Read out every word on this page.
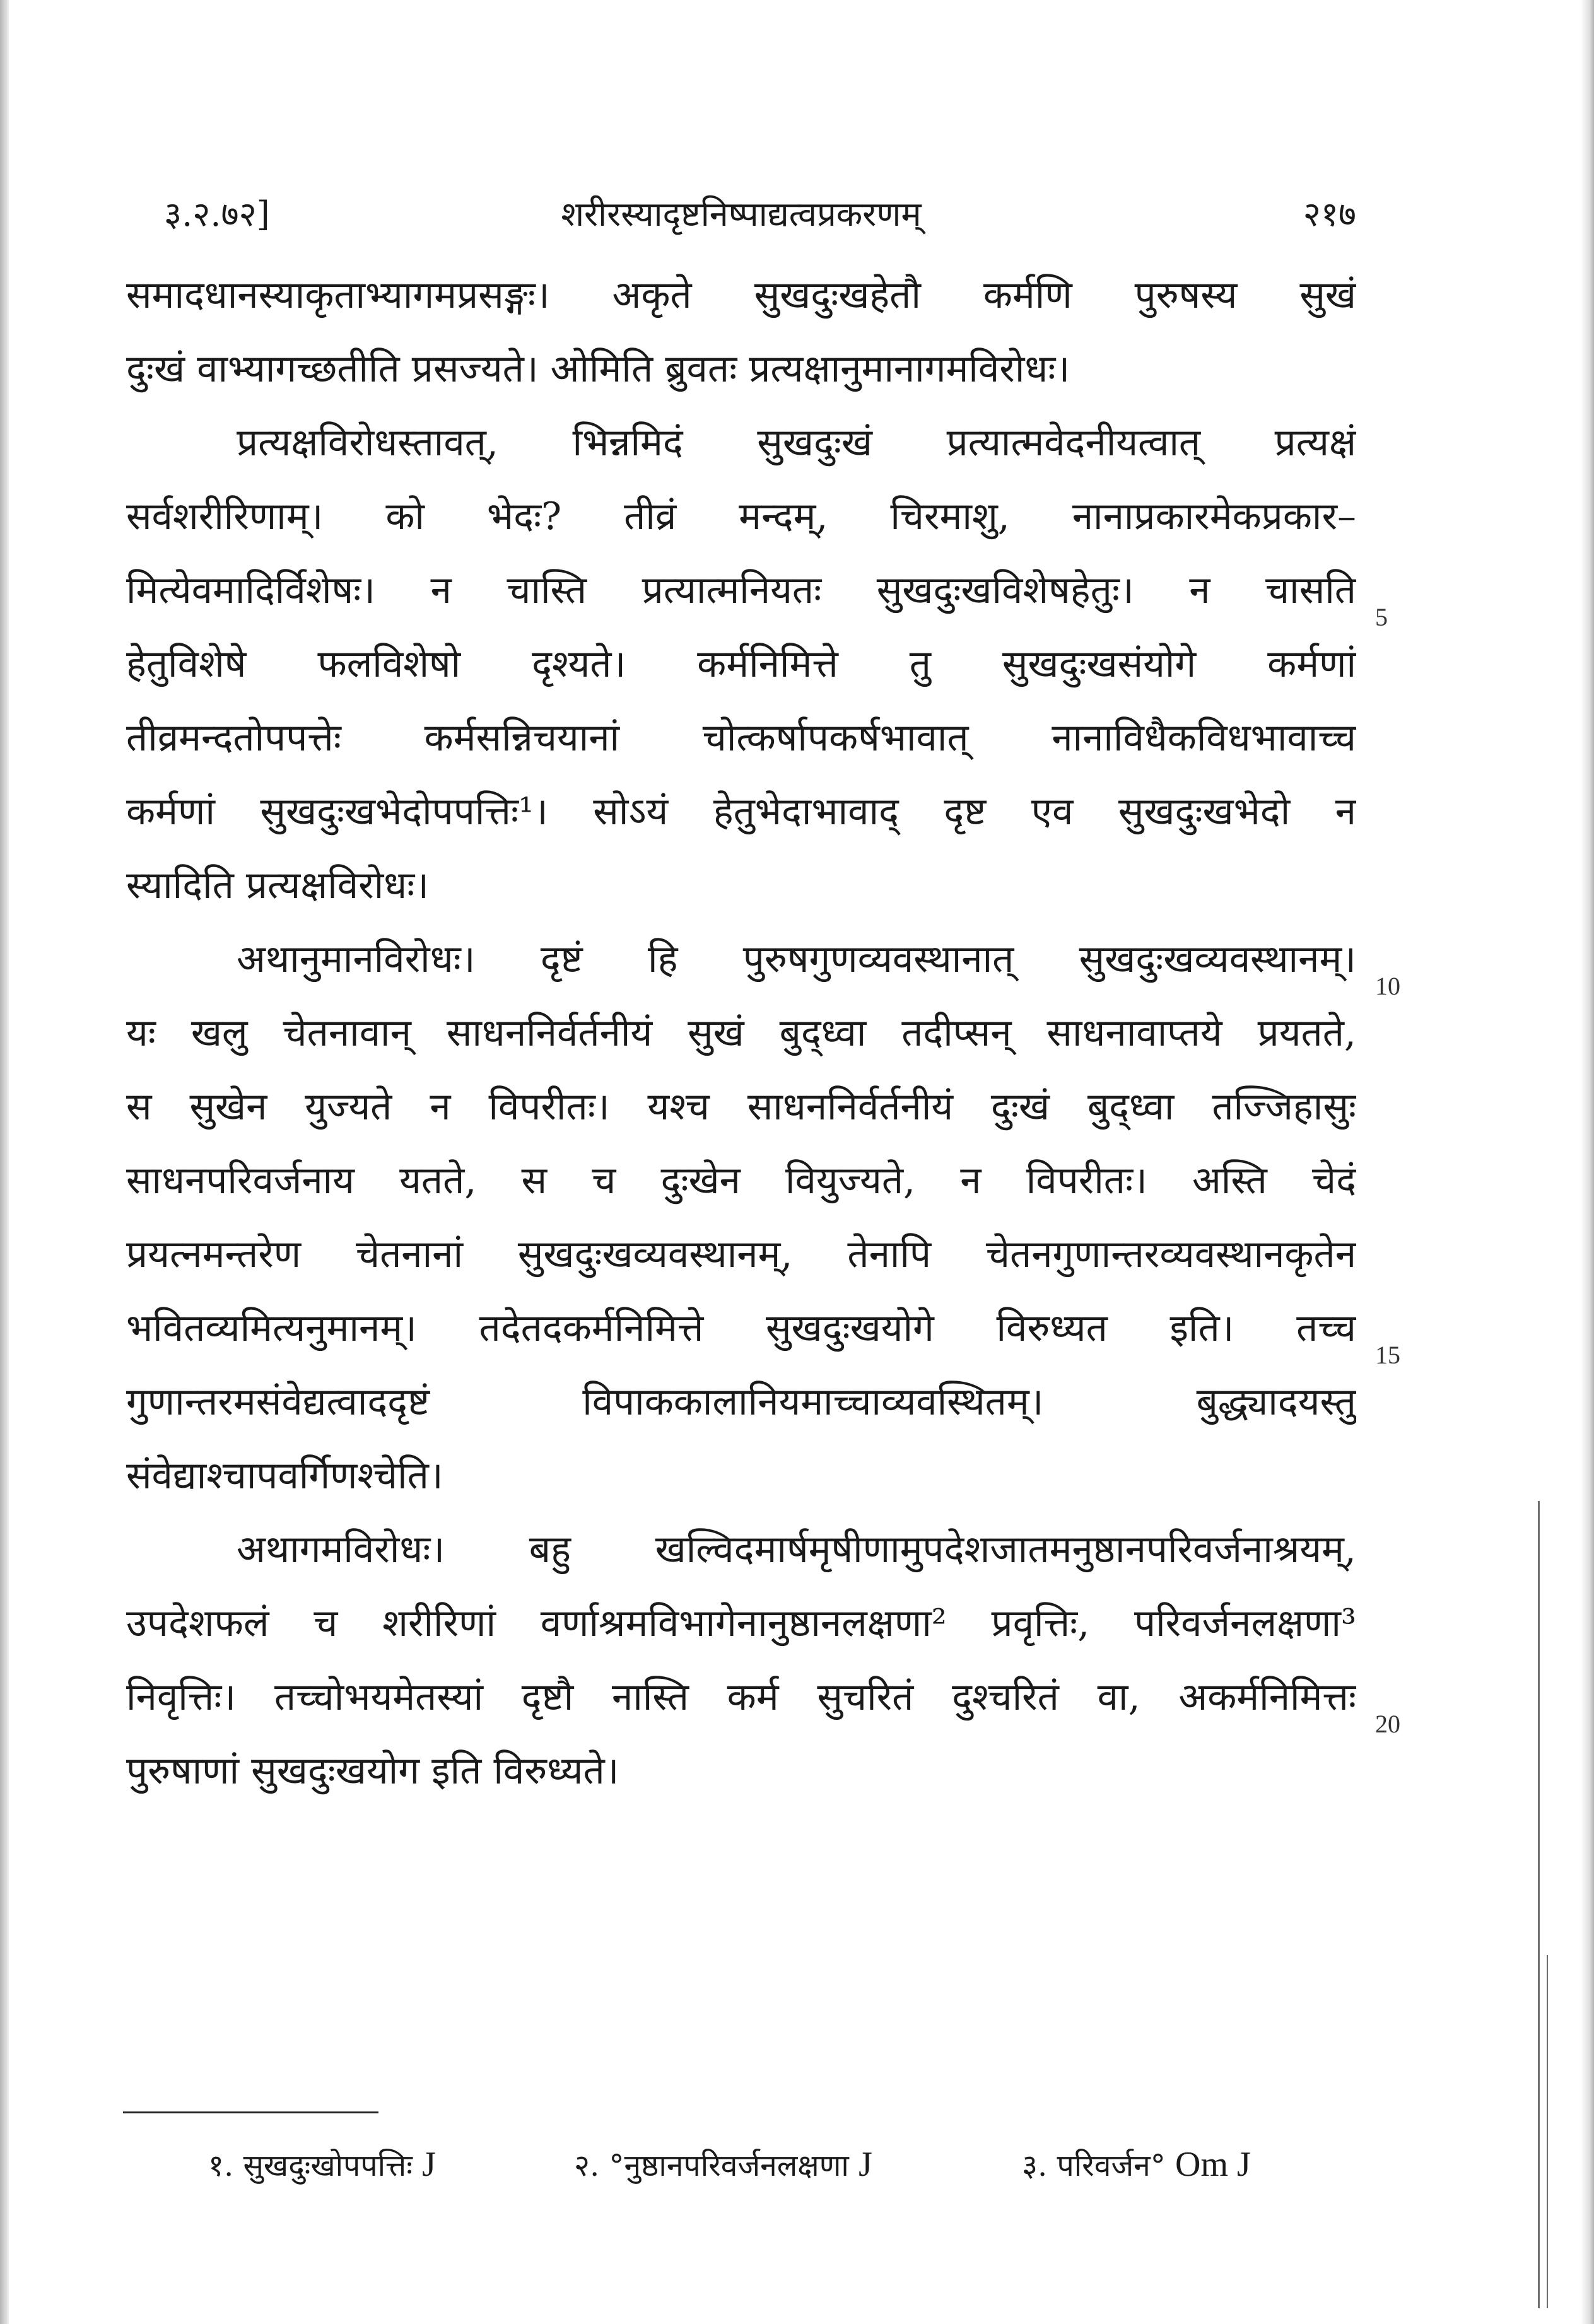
३.२.७२]	शरीरस्यादृष्टनिष्पाद्यत्वप्रकरणम्	२१७
समादधानस्याकृताभ्यागमप्रसङ्गः। अकृते सुखदुःखहेतौ कर्मणि पुरुषस्य सुखं
दुःखं वाभ्यागच्छतीति प्रसज्यते। ओमिति ब्रुवतः प्रत्यक्षानुमानागमविरोधः।
प्रत्यक्षविरोधस्तावत्, भिन्नमिदं सुखदुःखं प्रत्यात्मवेदनीयत्वात् प्रत्यक्षं
सर्वशरीरिणाम्। को भेदः? तीव्रं मन्दम्, चिरमाशु, नानाप्रकारमेकप्रकार–
मित्येवमादिर्विशेषः। न चास्ति प्रत्यात्मनियतः सुखदुःखविशेषहेतुः। न चासति
हेतुविशेषे फलविशेषो दृश्यते। कर्मनिमित्ते तु सुखदुःखसंयोगे कर्मणां
तीव्रमन्दतोपपत्तेः कर्मसन्निचयानां चोत्कर्षापकर्षभावात् नानाविधैकविधभावाच्च
कर्मणां सुखदुःखभेदोपपत्तिः¹। सोऽयं हेतुभेदाभावाद् दृष्ट एव सुखदुःखभेदो न
स्यादिति प्रत्यक्षविरोधः।
अथानुमानविरोधः। दृष्टं हि पुरुषगुणव्यवस्थानात् सुखदुःखव्यवस्थानम्।
यः खलु चेतनावान् साधननिर्वर्तनीयं सुखं बुद्ध्वा तदीप्सन् साधनावाप्तये प्रयतते,
स सुखेन युज्यते न विपरीतः। यश्च साधननिर्वर्तनीयं दुःखं बुद्ध्वा तज्जिहासुः
साधनपरिवर्जनाय यतते, स च दुःखेन वियुज्यते, न विपरीतः। अस्ति चेदं
प्रयत्नमन्तरेण चेतनानां सुखदुःखव्यवस्थानम्, तेनापि चेतनगुणान्तरव्यवस्थानकृतेन
भवितव्यमित्यनुमानम्। तदेतदकर्मनिमित्ते सुखदुःखयोगे विरुध्यत इति। तच्च
गुणान्तरमसंवेद्यत्वाददृष्टं विपाककालानियमाच्चाव्यवस्थितम्। बुद्ध्यादयस्तु
संवेद्याश्चापवर्गिणश्चेति।
अथागमविरोधः। बहु खल्विदमार्षमृषीणामुपदेशजातमनुष्ठानपरिवर्जनाश्रयम्,
उपदेशफलं च शरीरिणां वर्णाश्रमविभागेनानुष्ठानलक्षणा² प्रवृत्तिः, परिवर्जनलक्षणा³
निवृत्तिः। तच्चोभयमेतस्यां दृष्टौ नास्ति कर्म सुचरितं दुश्चरितं वा, अकर्मनिमित्तः
पुरुषाणां सुखदुःखयोग इति विरुध्यते।
5
10
15
20
१. सुखदुःखोपपत्तिः J	२. °नुष्ठानपरिवर्जनलक्षणा J	३. परिवर्जन° Om J
